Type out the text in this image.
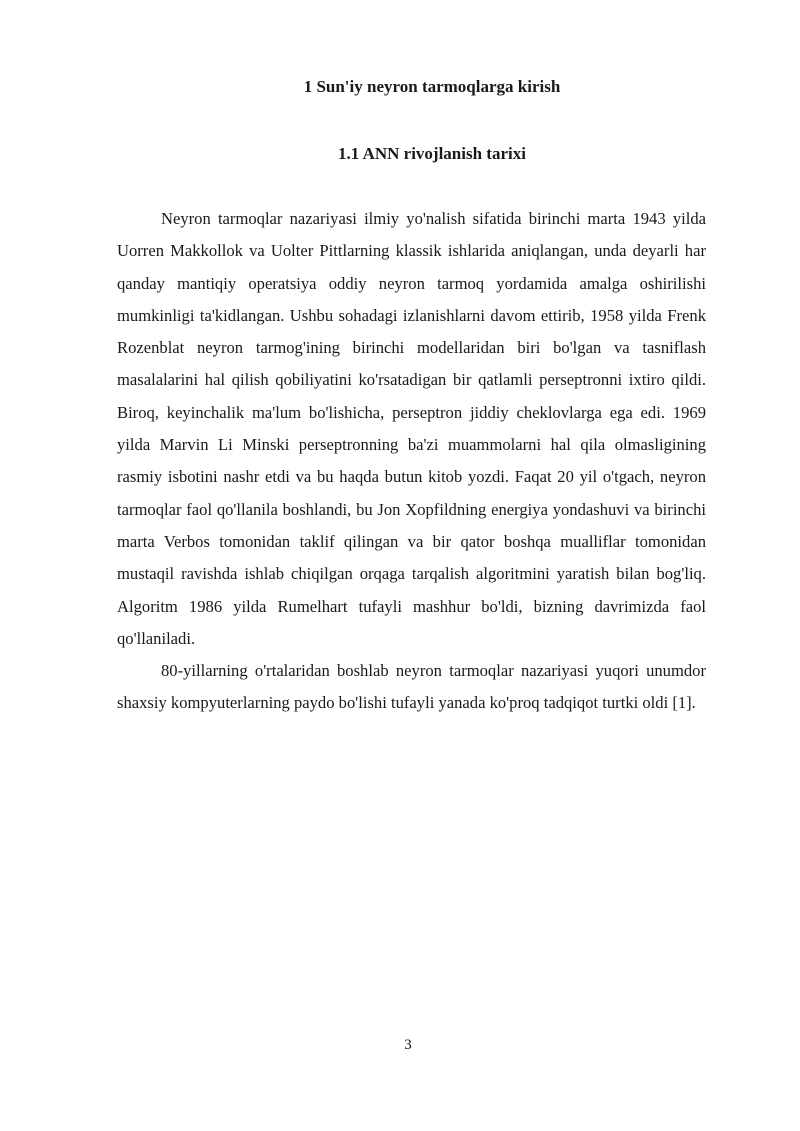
1 Sun'iy neyron tarmoqlarga kirish
1.1 ANN rivojlanish tarixi

Neyron tarmoqlar nazariyasi ilmiy yo'nalish sifatida birinchi marta 1943 yilda Uorren Makkollok va Uolter Pittlarning klassik ishlarida aniqlangan, unda deyarli har qanday mantiqiy operatsiya oddiy neyron tarmoq yordamida amalga oshirilishi mumkinligi ta'kidlangan. Ushbu sohadagi izlanishlarni davom ettirib, 1958 yilda Frenk Rozenblat neyron tarmog'ining birinchi modellaridan biri bo'lgan va tasniflash masalalarini hal qilish qobiliyatini ko'rsatadigan bir qatlamli perseptronni ixtiro qildi. Biroq, keyinchalik ma'lum bo'lishicha, perseptron jiddiy cheklovlarga ega edi. 1969 yilda Marvin Li Minski perseptronning ba'zi muammolarni hal qila olmasligining rasmiy isbotini nashr etdi va bu haqda butun kitob yozdi. Faqat 20 yil o'tgach, neyron tarmoqlar faol qo'llanila boshlandi, bu Jon Xopfildning energiya yondashuvi va birinchi marta Verbos tomonidan taklif qilingan va bir qator boshqa mualliflar tomonidan mustaqil ravishda ishlab chiqilgan orqaga tarqalish algoritmini yaratish bilan bog'liq. Algoritm 1986 yilda Rumelhart tufayli mashhur bo'ldi, bizning davrimizda faol qo'llaniladi.

80-yillarning o'rtalaridan boshlab neyron tarmoqlar nazariyasi yuqori unumdor shaxsiy kompyuterlarning paydo bo'lishi tufayli yanada ko'proq tadqiqot turtki oldi [1].

3
